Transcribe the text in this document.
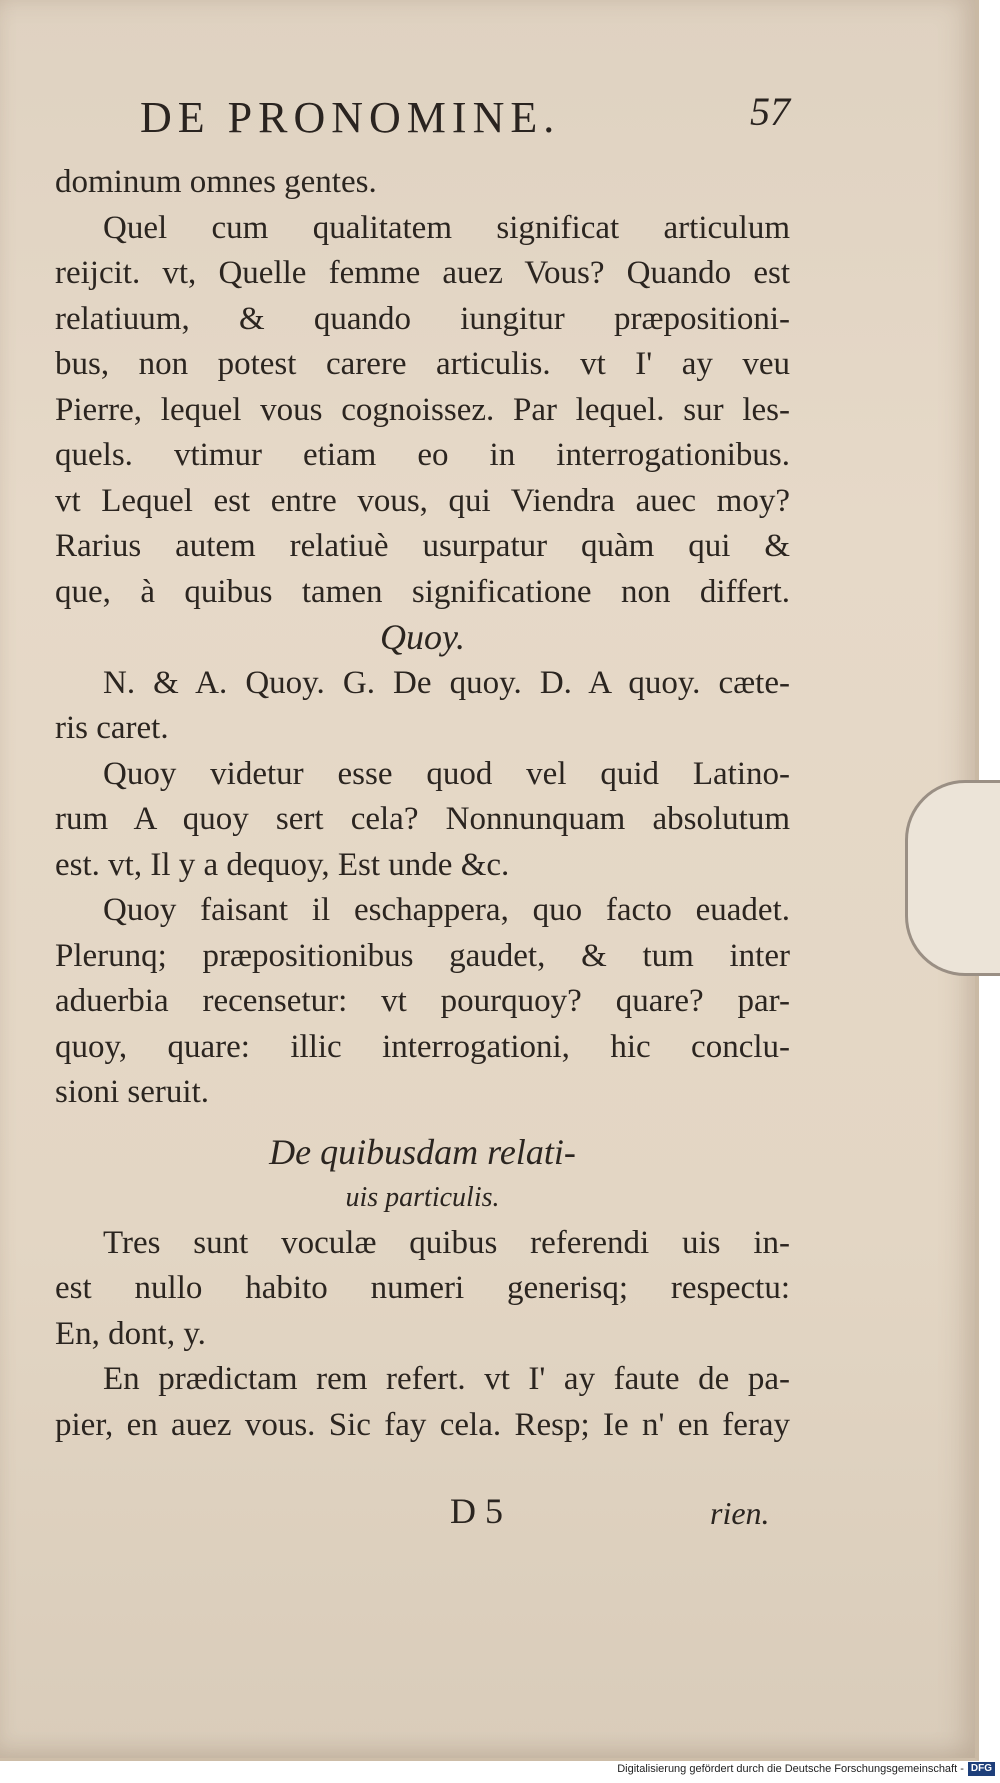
DE PRONOMINE.	57
dominum omnes gentes.
Quel cum qualitatem significat articulum
reijcit. vt, Quelle femme auez Vous? Quando est
relatiuum, & quando iungitur præpositioni-
bus, non potest carere articulis. vt I' ay veu
Pierre, lequel vous cognoissez. Par lequel. sur les-
quels. vtimur etiam eo in interrogationibus.
vt Lequel est entre vous, qui Viendra auec moy?
Rarius autem relatiuè usurpatur quàm qui &
que, à quibus tamen significatione non differt.
Quoy.
N. & A. Quoy. G. De quoy. D. A quoy. cæte-
ris caret.
Quoy videtur esse quod vel quid Latino-
rum A quoy sert cela? Nonnunquam absolutum
est. vt, Il y a dequoy, Est unde &c.
Quoy faisant il eschappera, quo facto euadet.
Plerunq; præpositionibus gaudet, & tum inter
aduerbia recensetur: vt pourquoy? quare? par-
quoy, quare: illic interrogationi, hic conclu-
sioni seruit.
De quibusdam relati-
uis particulis.
Tres sunt voculæ quibus referendi uis in-
est nullo habito numeri generisq; respectu:
En, dont, y.
En prædictam rem refert. vt I' ay faute de pa-
pier, en auez vous. Sic fay cela. Resp; Ie n' en feray
D 5	rien.
Digitalisierung gefördert durch die Deutsche Forschungsgemeinschaft - DFG
